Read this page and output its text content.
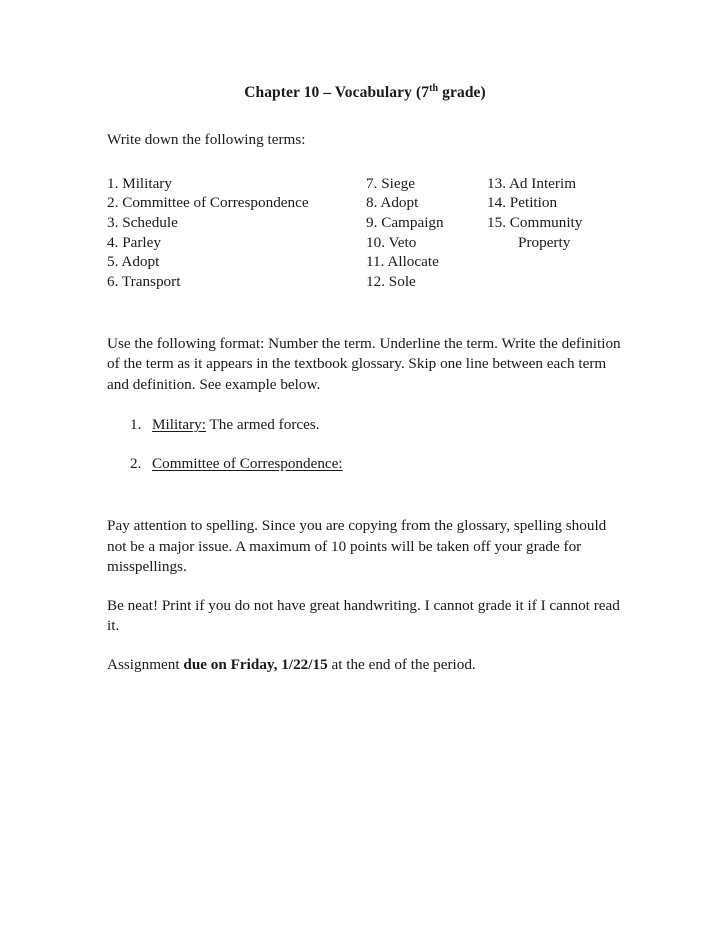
Chapter 10 – Vocabulary (7th grade)

Write down the following terms:

1. Military
2. Committee of Correspondence
3. Schedule
4. Parley
5. Adopt
6. Transport
7. Siege
8. Adopt
9. Campaign
10. Veto
11. Allocate
12. Sole
13. Ad Interim
14. Petition
15. Community
Property

Use the following format: Number the term. Underline the term. Write the definition of the term as it appears in the textbook glossary. Skip one line between each term and definition. See example below.

1. Military: The armed forces.
2. Committee of Correspondence:

Pay attention to spelling. Since you are copying from the glossary, spelling should not be a major issue. A maximum of 10 points will be taken off your grade for misspellings.

Be neat! Print if you do not have great handwriting. I cannot grade it if I cannot read it.

Assignment due on Friday, 1/22/15 at the end of the period.
